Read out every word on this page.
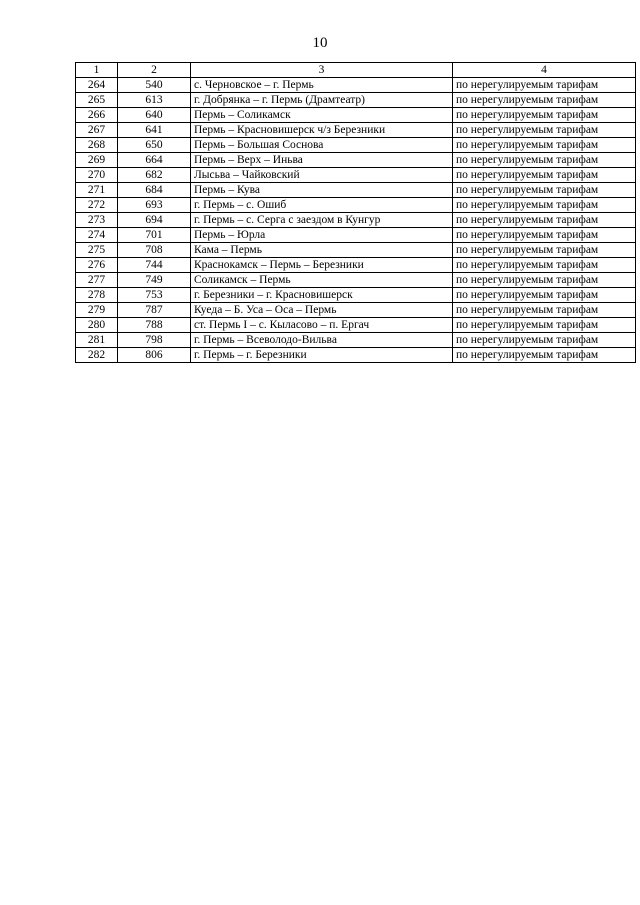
10
1	2	3	4
264	540	с. Черновское – г. Пермь	по нерегулируемым тарифам
265	613	г. Добрянка – г. Пермь (Драмтеатр)	по нерегулируемым тарифам
266	640	Пермь – Соликамск	по нерегулируемым тарифам
267	641	Пермь – Красновишерск ч/з Березники	по нерегулируемым тарифам
268	650	Пермь – Большая Соснова	по нерегулируемым тарифам
269	664	Пермь – Верх – Иньва	по нерегулируемым тарифам
270	682	Лысьва – Чайковский	по нерегулируемым тарифам
271	684	Пермь – Кува	по нерегулируемым тарифам
272	693	г. Пермь – с. Ошиб	по нерегулируемым тарифам
273	694	г. Пермь – с. Серга с заездом в Кунгур	по нерегулируемым тарифам
274	701	Пермь – Юрла	по нерегулируемым тарифам
275	708	Кама – Пермь	по нерегулируемым тарифам
276	744	Краснокамск – Пермь – Березники	по нерегулируемым тарифам
277	749	Соликамск – Пермь	по нерегулируемым тарифам
278	753	г. Березники – г. Красновишерск	по нерегулируемым тарифам
279	787	Куеда – Б. Уса – Оса – Пермь	по нерегулируемым тарифам
280	788	ст. Пермь I – с. Кыласово – п. Ергач	по нерегулируемым тарифам
281	798	г. Пермь – Всеволодо-Вильва	по нерегулируемым тарифам
282	806	г. Пермь – г. Березники	по нерегулируемым тарифам
